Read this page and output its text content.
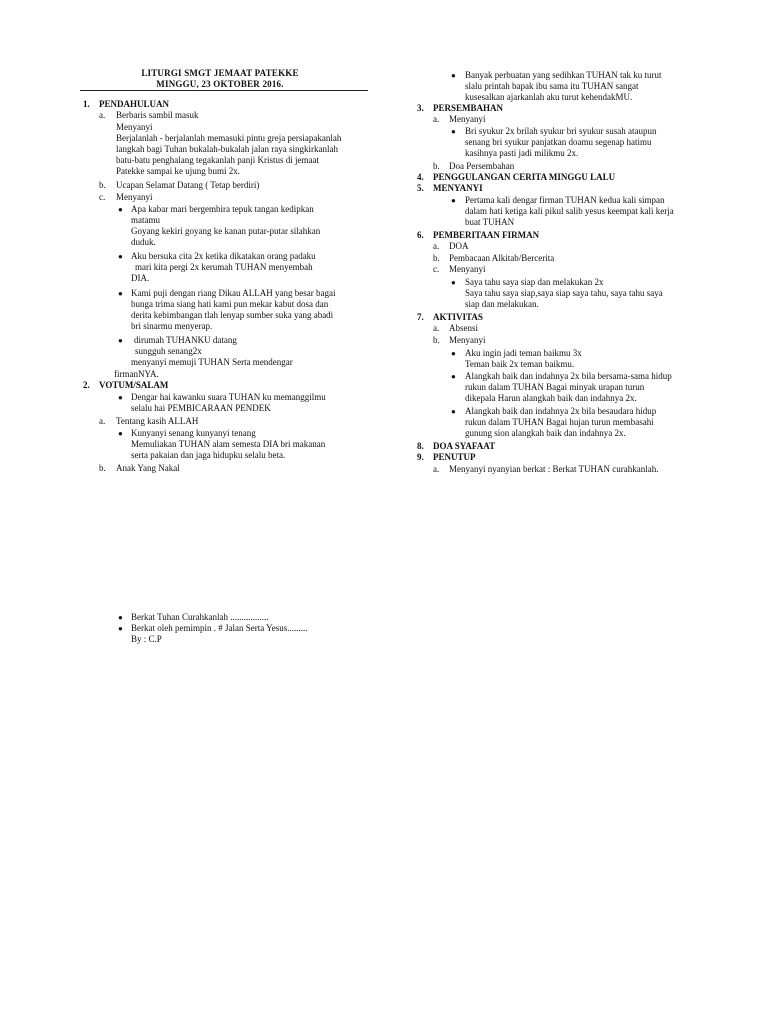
LITURGI SMGT JEMAAT PATEKKE
MINGGU, 23 OKTOBER 2016.
1. PENDAHULUAN
a. Berbaris sambil masuk
Menyanyi
Berjalanlah - berjalanlah memasuki pintu greja persiapakanlah
langkah bagi Tuhan bukalah-bukalah jalan raya singkirkanlah
batu-batu penghalang tegakanlah panji Kristus di jemaat
Patekke sampai ke ujung bumi 2x.
b. Ucapan Selamat Datang ( Tetap berdiri)
c. Menyanyi
● Apa kabar mari bergembira tepuk tangan kedipkan
matamu
Goyang kekiri goyang ke kanan putar-putar silahkan
duduk.
● Aku bersuka cita 2x ketika dikatakan orang padaku
mari kita pergi 2x kerumah TUHAN menyembah
DIA.
● Kami puji dengan riang Dikau ALLAH yang besar bagai
bunga trima siang hati kami pun mekar kabut dosa dan
derita kebimbangan tlah lenyap sumber suka yang abadi
bri sinarmu menyerap.
● dirumah TUHANKU datang
sungguh senang2x
menyanyi memuji TUHAN Serta mendengar
firmanNYA.
2. VOTUM/SALAM
● Dengar hai kawanku suara TUHAN ku memanggilmu
selalu hai PEMBICARAAN PENDEK
a. Tentang kasih ALLAH
● Kunyanyi senang kunyanyi tenang
Memuliakan TUHAN alam semesta DIA bri makanan
serta pakaian dan jaga hidupku selalu beta.
b. Anak Yang Nakal
● Berkat Tuhan Curahkanlah .................
● Berkat oleh pemimpin . # Jalan Serta Yesus.........
By : C.P
● Banyak perbuatan yang sedihkan TUHAN tak ku turut
slalu printah bapak ibu sama itu TUHAN sangat
kusesalkan ajarkanlah aku turut kehendakMU.
3. PERSEMBAHAN
a. Menyanyi
● Bri syukur 2x brilah syukur bri syukur susah ataupun
senang bri syukur panjatkan doamu segenap hatimu
kasihnya pasti jadi milikmu 2x.
b. Doa Persembahan
4. PENGGULANGAN CERITA MINGGU LALU
5. MENYANYI
● Pertama kali dengar firman TUHAN kedua kali simpan
dalam hati ketiga kali pikul salib yesus keempat kali kerja
buat TUHAN
6. PEMBERITAAN FIRMAN
a. DOA
b. Pembacaan Alkitab/Bercerita
c. Menyanyi
● Saya tahu saya siap dan melakukan 2x
Saya tahu saya siap,saya siap saya tahu, saya tahu saya
siap dan melakukan.
7. AKTIVITAS
a. Absensi
b. Menyanyi
● Aku ingin jadi teman baikmu 3x
Teman baik 2x teman baikmu.
● Alangkah baik dan indahnya 2x bila bersama-sama hidup
rukun dalam TUHAN Bagai minyak urapan turun
dikepala Harun alangkah baik dan indahnya 2x.
● Alangkah baik dan indahnya 2x bila besaudara hidup
rukun dalam TUHAN Bagai hujan turun membasahi
gunung sion alangkah baik dan indahnya 2x.
8. DOA SYAFAAT
9. PENUTUP
a. Menyanyi nyanyian berkat : Berkat TUHAN curahkanlah.
